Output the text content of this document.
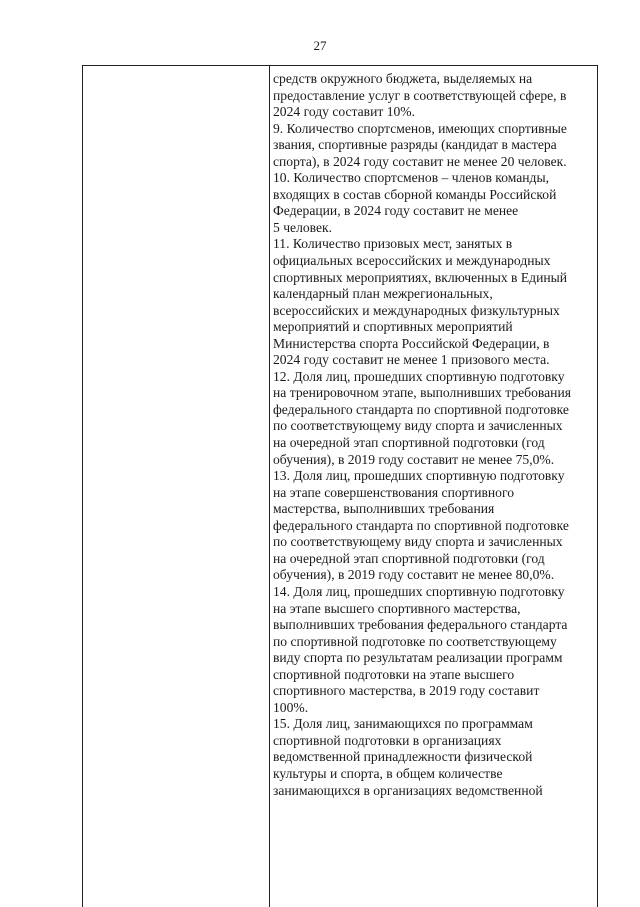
27
средств окружного бюджета, выделяемых на
предоставление услуг в соответствующей сфере, в
2024 году составит 10%.
9. Количество спортсменов, имеющих спортивные
звания, спортивные разряды (кандидат в мастера
спорта), в 2024 году составит не менее 20 человек.
10. Количество спортсменов – членов команды,
входящих в состав сборной команды Российской
Федерации, в 2024 году составит не менее
5 человек.
11. Количество призовых мест, занятых в
официальных всероссийских и международных
спортивных мероприятиях, включенных в Единый
календарный план межрегиональных,
всероссийских и международных физкультурных
мероприятий и спортивных мероприятий
Министерства спорта Российской Федерации, в
2024 году составит не менее 1 призового места.
12. Доля лиц, прошедших спортивную подготовку
на тренировочном этапе, выполнивших требования
федерального стандарта по спортивной подготовке
по соответствующему виду спорта и зачисленных
на очередной этап спортивной подготовки (год
обучения), в 2019 году составит не менее 75,0%.
13. Доля лиц, прошедших спортивную подготовку
на этапе совершенствования спортивного
мастерства, выполнивших требования
федерального стандарта по спортивной подготовке
по соответствующему виду спорта и зачисленных
на очередной этап спортивной подготовки (год
обучения), в 2019 году составит не менее 80,0%.
14. Доля лиц, прошедших спортивную подготовку
на этапе высшего спортивного мастерства,
выполнивших требования федерального стандарта
по спортивной подготовке по соответствующему
виду спорта по результатам реализации программ
спортивной подготовки на этапе высшего
спортивного мастерства, в 2019 году составит
100%.
15. Доля лиц, занимающихся по программам
спортивной подготовки в организациях
ведомственной принадлежности физической
культуры и спорта, в общем количестве
занимающихся в организациях ведомственной
